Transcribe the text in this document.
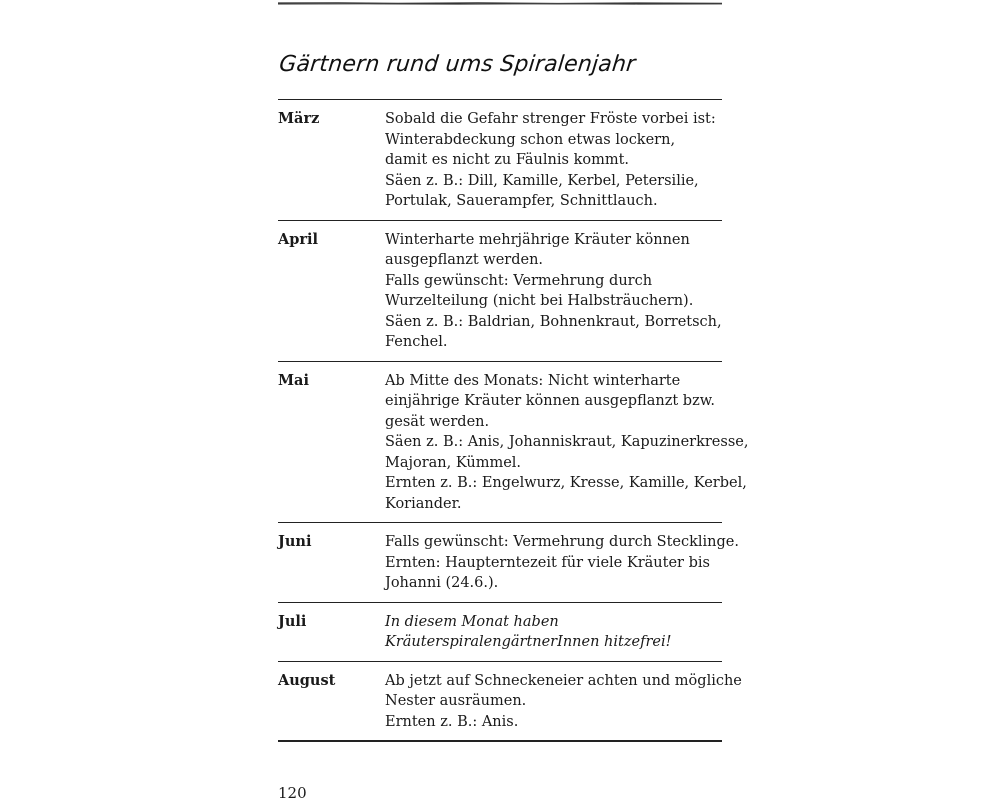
Gärtnern rund ums Spiralenjahr
März	Sobald die Gefahr strenger Fröste vorbei ist:
Winterabdeckung schon etwas lockern,
damit es nicht zu Fäulnis kommt.
Säen z. B.: Dill, Kamille, Kerbel, Petersilie,
Portulak, Sauerampfer, Schnittlauch.
April	Winterharte mehrjährige Kräuter können
ausgepflanzt werden.
Falls gewünscht: Vermehrung durch
Wurzelteilung (nicht bei Halbsträuchern).
Säen z. B.: Baldrian, Bohnenkraut, Borretsch,
Fenchel.
Mai	Ab Mitte des Monats: Nicht winterharte
einjährige Kräuter können ausgepflanzt bzw.
gesät werden.
Säen z. B.: Anis, Johanniskraut, Kapuzinerkresse,
Majoran, Kümmel.
Ernten z. B.: Engelwurz, Kresse, Kamille, Kerbel,
Koriander.
Juni	Falls gewünscht: Vermehrung durch Stecklinge.
Ernten: Haupterntezeit für viele Kräuter bis
Johanni (24.6.).
Juli	In diesem Monat haben
KräuterspiralengärtnerInnen hitzefrei!
August	Ab jetzt auf Schneckeneier achten und mögliche
Nester ausräumen.
Ernten z. B.: Anis.
120
